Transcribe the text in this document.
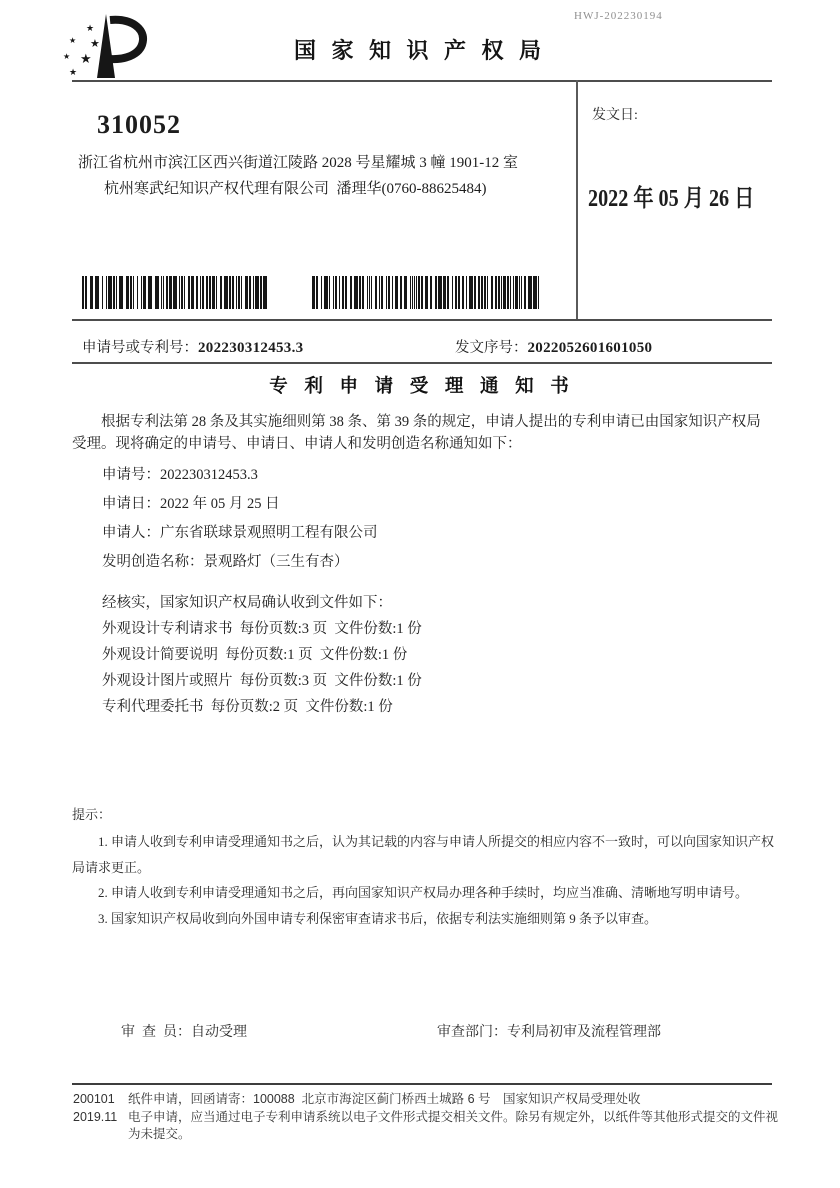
HWJ-202230194
★
★ ★
★ ★
★
国 家 知 识 产 权 局
310052
浙江省杭州市滨江区西兴街道江陵路 2028 号星耀城 3 幢 1901-12 室
杭州寒武纪知识产权代理有限公司  潘理华(0760-88625484)
发文日:
2022 年 05 月 26 日
申请号或专利号：202230312453.3	发文序号：2022052601601050
专 利 申 请 受 理 通 知 书
根据专利法第 28 条及其实施细则第 38 条、第 39 条的规定，申请人提出的专利申请已由国家知识产权局受理。现将确定的申请号、申请日、申请人和发明创造名称通知如下：
申请号：202230312453.3
申请日：2022 年 05 月 25 日
申请人：广东省联球景观照明工程有限公司
发明创造名称：景观路灯（三生有杏）
经核实，国家知识产权局确认收到文件如下：
外观设计专利请求书  每份页数:3 页  文件份数:1 份
外观设计简要说明  每份页数:1 页  文件份数:1 份
外观设计图片或照片  每份页数:3 页  文件份数:1 份
专利代理委托书  每份页数:2 页  文件份数:1 份
提示：

1. 申请人收到专利申请受理通知书之后，认为其记载的内容与申请人所提交的相应内容不一致时，可以向国家知识产权局请求更正。

2. 申请人收到专利申请受理通知书之后，再向国家知识产权局办理各种手续时，均应当准确、清晰地写明申请号。

3. 国家知识产权局收到向外国申请专利保密审查请求书后，依据专利法实施细则第 9 条予以审查。

审  查  员：自动受理	审查部门：专利局初审及流程管理部
200101	纸件申请，回函请寄：100088  北京市海淀区蓟门桥西土城路 6 号　国家知识产权局受理处收
2019.11 电子申请，应当通过电子专利申请系统以电子文件形式提交相关文件。除另有规定外，以纸件等其他形式提交的文件视为未提交。
